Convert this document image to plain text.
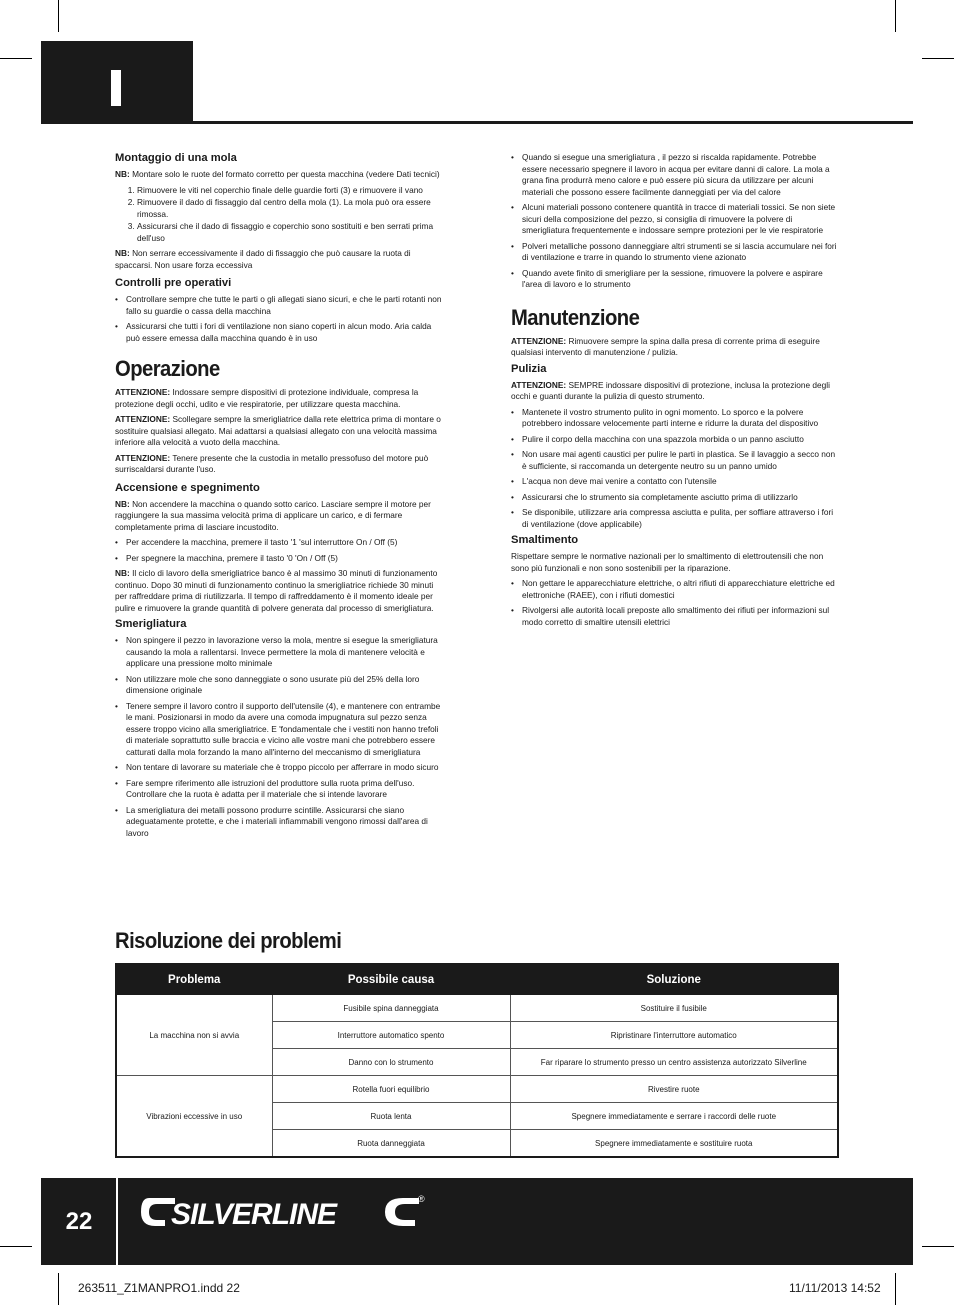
Montaggio di una mola

NB: Montare solo le ruote del formato corretto per questa macchina (vedere Dati tecnici)

1. Rimuovere le viti nel coperchio finale delle guardie forti (3) e rimuovere il vano
2. Rimuovere il dado di fissaggio dal centro della mola (1). La mola può ora essere rimossa.
3. Assicurarsi che il dado di fissaggio e coperchio sono sostituiti e ben serrati prima dell'uso

NB: Non serrare eccessivamente il dado di fissaggio che può causare la ruota di spaccarsi. Non usare forza eccessiva

Controlli pre operativi
• Controllare sempre che tutte le parti o gli allegati siano sicuri, e che le parti rotanti non fallo su guardie o cassa della macchina
• Assicurarsi che tutti i fori di ventilazione non siano coperti in alcun modo. Aria calda può essere emessa dalla macchina quando è in uso
Operazione

ATTENZIONE: Indossare sempre dispositivi di protezione individuale, compresa la protezione degli occhi, udito e vie respiratorie, per utilizzare questa macchina.

ATTENZIONE: Scollegare sempre la smerigliatrice dalla rete elettrica prima di montare o sostituire qualsiasi allegato. Mai adattarsi a qualsiasi allegato con una velocità massima inferiore alla velocità a vuoto della macchina.

ATTENZIONE: Tenere presente che la custodia in metallo pressofuso del motore può surriscaldarsi durante l'uso.

Accensione e spegnimento

NB: Non accendere la macchina o quando sotto carico. Lasciare sempre il motore per raggiungere la sua massima velocità prima di applicare un carico, e di fermare completamente prima di lasciare incustodito.

• Per accendere la macchina, premere il tasto '1 'sul interruttore On / Off (5)
• Per spegnere la macchina, premere il tasto '0 'On / Off (5)

NB: Il ciclo di lavoro della smerigliatrice banco è al massimo 30 minuti di funzionamento continuo. Dopo 30 minuti di funzionamento continuo la smerigliatrice richiede 30 minuti per raffreddare prima di riutilizzarla. Il tempo di raffreddamento è il momento ideale per pulire e rimuovere la grande quantità di polvere generata dal processo di smerigliatura.

Smerigliatura
• Non spingere il pezzo in lavorazione verso la mola, mentre si esegue la smerigliatura causando la mola a rallentarsi. Invece permettere la mola di mantenere velocità e applicare una pressione molto minimale
• Non utilizzare mole che sono danneggiate o sono usurate più del 25% della loro dimensione originale
• Tenere sempre il lavoro contro il supporto dell'utensile (4), e mantenere con entrambe le mani. Posizionarsi in modo da avere una comoda impugnatura sul pezzo senza essere troppo vicino alla smerigliatrice. E 'fondamentale che i vestiti non hanno trefoli di materiale soprattutto sulle braccia e vicino alle vostre mani che potrebbero essere catturati dalla mola forzando la mano all'interno del meccanismo di smerigliatura
• Non tentare di lavorare su materiale che è troppo piccolo per afferrare in modo sicuro
• Fare sempre riferimento alle istruzioni del produttore sulla ruota prima dell'uso. Controllare che la ruota è adatta per il materiale che si intende lavorare
• La smerigliatura dei metalli possono produrre scintille. Assicurarsi che siano adeguatamente protette, e che i materiali infiammabili vengono rimossi dall'area di lavoro
• Quando si esegue una smerigliatura , il pezzo si riscalda rapidamente. Potrebbe essere necessario spegnere il lavoro in acqua per evitare danni di calore. La mola a grana fina produrrà meno calore e può essere più sicura da utilizzare per alcuni materiali che possono essere facilmente danneggiati per via del calore
• Alcuni materiali possono contenere quantità in tracce di materiali tossici. Se non siete sicuri della composizione del pezzo, si consiglia di rimuovere la polvere di smerigliatura frequentemente e indossare sempre protezioni per le vie respiratorie
• Polveri metalliche possono danneggiare altri strumenti se si lascia accumulare nei fori di ventilazione e trarre in quando lo strumento viene azionato
• Quando avete finito di smerigliare per la sessione, rimuovere la polvere e aspirare l'area di lavoro e lo strumento
Manutenzione

ATTENZIONE: Rimuovere sempre la spina dalla presa di corrente prima di eseguire qualsiasi intervento di manutenzione / pulizia.

Pulizia

ATTENZIONE: SEMPRE indossare dispositivi di protezione, inclusa la protezione degli occhi e guanti durante la pulizia di questo strumento.

• Mantenete il vostro strumento pulito in ogni momento. Lo sporco e la polvere potrebbero indossare velocemente parti interne e ridurre la durata del dispositivo
• Pulire il corpo della macchina con una spazzola morbida o un panno asciutto
• Non usare mai agenti caustici per pulire le parti in plastica. Se il lavaggio a secco non è sufficiente, si raccomanda un detergente neutro su un panno umido
• L'acqua non deve mai venire a contatto con l'utensile
• Assicurarsi che lo strumento sia completamente asciutto prima di utilizzarlo
• Se disponibile, utilizzare aria compressa asciutta e pulita, per soffiare attraverso i fori di ventilazione (dove applicabile)
Smaltimento

Rispettare sempre le normative nazionali per lo smaltimento di elettroutensili che non sono più funzionali e non sono sostenibili per la riparazione.

• Non gettare le apparecchiature elettriche, o altri rifiuti di apparecchiature elettriche ed elettroniche (RAEE), con i rifiuti domestici
• Rivolgersi alle autorità locali preposte allo smaltimento dei rifiuti per informazioni sul modo corretto di smaltire utensili elettrici
Risoluzione dei problemi
Problema	Possibile causa	Soluzione
La macchina non si avvia	Fusibile spina danneggiata	Sostituire il fusibile
	Interruttore automatico spento	Ripristinare l'interruttore automatico
	Danno con lo strumento	Far riparare lo strumento presso un centro assistenza autorizzato Silverline
Vibrazioni eccessive in uso	Rotella fuori equilibrio	Rivestire ruote
	Ruota lenta	Spegnere immediatamente e serrare i raccordi delle ruote
	Ruota danneggiata	Spegnere immediatamente e sostituire ruota
22	SILVERLINE	®
263511_Z1MANPRO1.indd 22	11/11/2013 14:52
